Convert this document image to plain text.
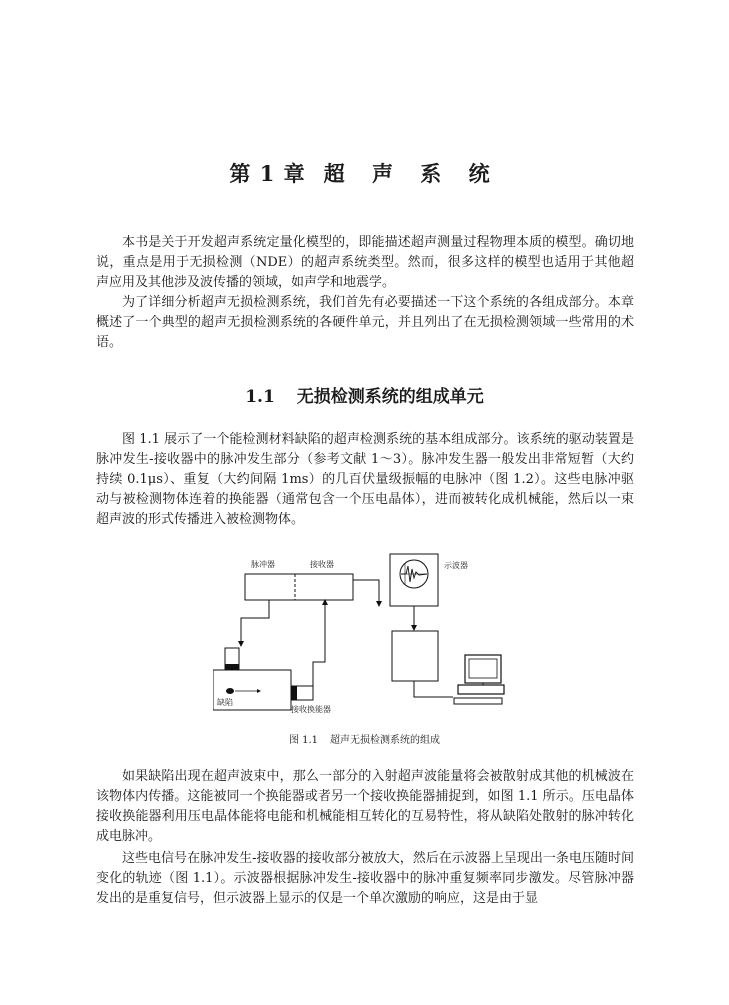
第 1 章 超 声 系 统

本书是关于开发超声系统定量化模型的，即能描述超声测量过程物理本质的模型。确切地说，重点是用于无损检测（NDE）的超声系统类型。然而，很多这样的模型也适用于其他超声应用及其他涉及波传播的领域，如声学和地震学。

为了详细分析超声无损检测系统，我们首先有必要描述一下这个系统的各组成部分。本章概述了一个典型的超声无损检测系统的各硬件单元，并且列出了在无损检测领域一些常用的术语。

1.1 无损检测系统的组成单元

图 1.1 展示了一个能检测材料缺陷的超声检测系统的基本组成部分。该系统的驱动装置是脉冲发生-接收器中的脉冲发生部分（参考文献 1～3）。脉冲发生器一般发出非常短暂（大约持续 0.1μs）、重复（大约间隔 1ms）的几百伏量级振幅的电脉冲（图 1.2）。这些电脉冲驱动与被检测物体连着的换能器（通常包含一个压电晶体），进而被转化成机械能，然后以一束超声波的形式传播进入被检测物体。

脉冲器	接收器	示波器
缺陷
接收换能器

图 1.1 超声无损检测系统的组成

如果缺陷出现在超声波束中，那么一部分的入射超声波能量将会被散射成其他的机械波在该物体内传播。这能被同一个换能器或者另一个接收换能器捕捉到，如图 1.1 所示。压电晶体接收换能器利用压电晶体能将电能和机械能相互转化的互易特性，将从缺陷处散射的脉冲转化成电脉冲。

这些电信号在脉冲发生-接收器的接收部分被放大，然后在示波器上呈现出一条电压随时间变化的轨迹（图 1.1）。示波器根据脉冲发生-接收器中的脉冲重复频率同步激发。尽管脉冲器发出的是重复信号，但示波器上显示的仅是一个单次激励的响应，这是由于显
